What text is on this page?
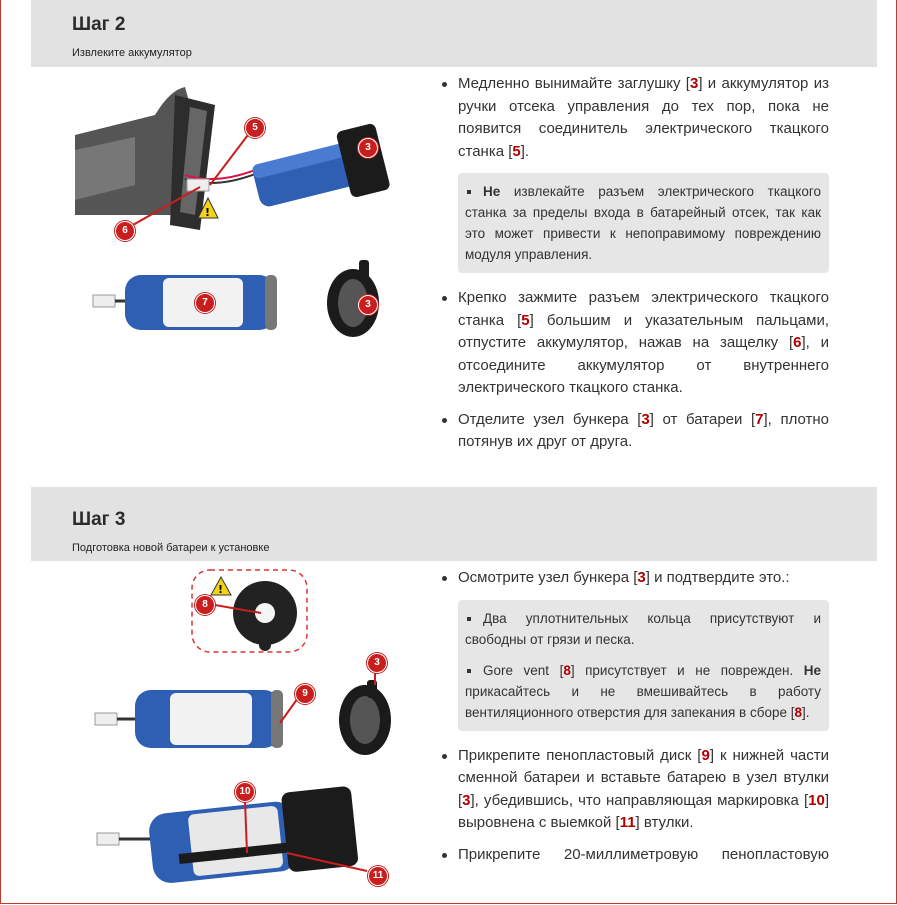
Шаг 2
Извлеките аккумулятор
!
5
3
6
7	3
Медленно вынимайте заглушку [3] и аккумулятор из ручки отсека управления до тех пор, пока не появится соединитель электрического ткацкого станка [5].
Не извлекайте разъем электрического ткацкого станка за пределы входа в батарейный отсек, так как это может привести к непоправимому повреждению модуля управления.
Крепко зажмите разъем электрического ткацкого станка [5] большим и указательным пальцами, отпустите аккумулятор, нажав на защелку [6], и отсоедините аккумулятор от внутреннего электрического ткацкого станка.
Отделите узел бункера [3] от батареи [7], плотно потянув их друг от друга.
Шаг 3
Подготовка новой батареи к установке
!
8
3
9
10
11
Осмотрите узел бункера [3] и подтвердите это.:
Два уплотнительных кольца присутствуют и свободны от грязи и песка.
Gore vent [8] присутствует и не поврежден. Не прикасайтесь и не вмешивайтесь в работу вентиляционного отверстия для запекания в сборе [8].
Прикрепите пенопластовый диск [9] к нижней части сменной батареи и вставьте батарею в узел втулки [3], убедившись, что направляющая маркировка [10] выровнена с выемкой [11] втулки.
Прикрепите 20-миллиметровую пенопластовую
